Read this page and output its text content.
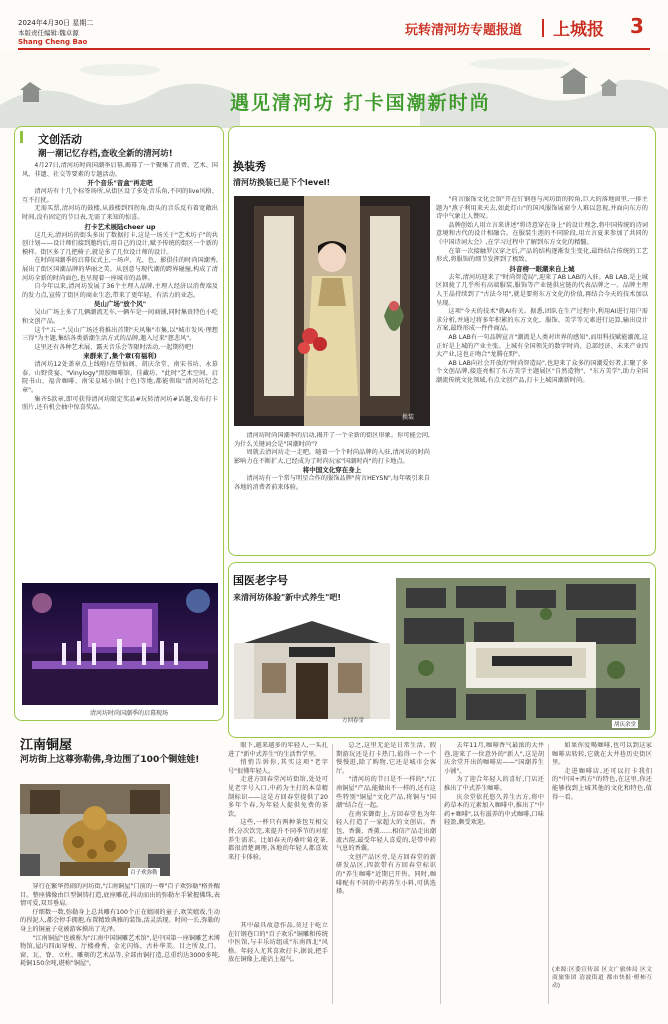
2024年4月30日 星期二
本版责任编辑:魏卓源
Shang Cheng Bao
玩转清河坊专题报道 上城报 3
遇见清河坊 打卡国潮新时尚
文创活动
潮一潮记忆存档,查收全新的清河坊!

4月27日,清河坊时尚国潮季启幕,揭幕了一个聚集了消费、艺术、国风、非遗、社交等要素的专题活动。

开个音乐"音盒"再走吧

清河坊有十几个标签场所,从街区设了多处音乐角,不同的live风格、互不打扰。

无需买票,清河坊的鼓楼,从鼓楼到四拐角,街头的音乐反有着宽敞出时间,没有固定的节目表,无需了来知的惊喜。

打卡艺术展陆cheer up

这几天,清河坊的街头多出了数据打卡,这是一场关于"艺术坊子"的共创计划——设计师们接到邀约后,用自己的设计,赋予传统的街区一个新的模样。街区多了几把椅子,就是多了几位设计师的设计。

在时尚国潮季的启幕仪式上,一场声、光、色、影俱佳的时尚国潮秀,展出了街区国潮品牌的华丽之美。从创意与现代潮的跨界碰撞,构成了清河坊全新的时尚面色,也呈现着一座城市的品牌。

自今年以来,清河坊发展了36个主理人品牌,主理人经济以消费端及的发力点,宣传了街区的商业生态,带来了更年轻、有活力的业态。

吴山广场"放个风"

吴山广场上多了几辆潮流无车,一辆车是一间商铺,同时集贵特色小吃和文创产品。

这个"五一",吴山广场还将推出首期"天风集"市集,以"城市发风·理想三得"为主题,集结各类新潮生活方式的品牌,邀入过来"慈悲风"。

这里还有各种艺术展、露天音乐会等限时活动,一起期待吧!

来群来了,集个章(有福利)

清河坊12处盖章点上线啦!在望仙阁、胡庆余堂、南宋书坊、永慕泰、山野赏宴、"Vinylogy"黑胶咖啡馆、佳藏坊、"此时"艺术空间、启院书山、福含咖啡、南宋皇城小镇(十色)等地,都能领取"清河坊纪念章"。

集齐5款章,即可获得清河坊限定奖品#玩转清河坊#话题,发布打卡照片,还有机会抽中惊喜奖品。

清河坊时尚国潮季的启幕现场
江南铜屋
河坊街上这尊弥勒佛,身边围了100个铜娃娃!
百子欢弥勒

穿行在繁华热闹的河坊街,"江南铜屋"门前的一尊"百子欢弥勒"格外醒目。整座佛像由巨型铜铸打造,底座雕花,抖动而出的弥勒左手紧握佛珠,表情可爱,双耳垂肩。

仔细数一数,弥勒身上总共雕有100个正在嬉闹的童子,欢笑嬉戏,生动的捏泥人,都会停手拥抱,布置精致典雅的装饰,活灵活现。时间一长,弥勒的身上的铜童子竟被游客摸出了光泽。

"江南铜屋"也被称为"江南中国铜雕艺术馆",是中国第一座铜雕艺术博物馆,屋内四面穿梭、厅楼叠秀、金光闪烁、古朴华美。目之所及,门、窗、瓦、脊、立柱、雕刻的艺术品等,全部由铜打造,总重约达3000多吨,耗铜150余吨,堪称"铜屋"。

换装秀
清河坊换装已是下个level!
换装

清河坊时尚国潮季的启动,揭开了一个全新的街区形象。你可能会问,为什么关键词会是"国潮时尚"?

周就去清河坊走一走吧。随着一个个时尚品牌的入驻,清河坊的时尚影响力在不断扩大,已经成为了时尚玩家"国潮时尚"的打卡地点。

将中国文化穿在身上

清河坊有一个常与明星合作的服饰品牌"荷言HEYSN",每年吸引来自各地的消费者前来体验。

"荷言服饰文化会馆"开在钉钢巷与河坊街的转角,巨大的落地窗里,一排主题为"燕子利用来天去,如此灯山"的国风服饰展窗令人难以忽视,并面向东方的诗中气象让人赞叹。

品牌创始人用立言来讲述"将诗意穿在身上"的设计理念,将中国传统的诗词意境和古代的设计相融合。在服装生涯的不同阶段,用立言夏来参加了共同的《中国诗词大会》,在学习过程中了解到东方文化的精髓。

在第一次接触罗汉穿之后,产品的结构逐渐发生变化,最终结合传统的工艺形式,将服饰的细节发挥到了极致。

抖音榜一眼潮来自上城

去年,清河坊迎来了"时尚智造局",迎来了AB LAB的入驻。AB LAB,是上城区回拢了几乎所有高端服装,服饰等产业链供应链的代表品牌之一。品牌主理人王晶持续到了"古法今用",就是要将东方文化的价值,再结合今天的技术加以呈现。

这项"今天的技术"就AI有关。据悉,团队在生产过程中,利用AI进行用户需求分析,并通过将多年积累的东方文化、服饰、美学等元素进行运算,输出设计方案,最终形成一件件商品。

AB LAB有一句品牌宣言"潮流是人类对世界的感知",而用科技赋能潮流,这正好是上城的产业主张。上城有全国领先的数字时尚、总部经济、未来产业四大产业,这也正吻合"龙腾在野"。

AB LAB向社会开放的"时尚智造局",也迎来了众多的国潮爱好者,汇聚了多个文创品牌,接连亮相了东方美学主题展区"自然造物"、"东方美学",助力全国潮流传统文化领域,有点文创产品,打卡上城国潮新时尚。

国医老字号
来清河坊体验"新中式养生"吧!
方回春堂
胡庆余堂

眼下,越来越多的年轻人,一头扎进了"新中式养生"的生活哲学里。

悄悄告诉你,其实这项"老字号"很懂年轻人。

走进方回春堂河坊街馆,处处可见老字号入口,中药为主打的本草精制标识——这是方回春堂提供了20多年个春,为年轻人提供免费的茶饮。

这些,一杯只有两种茶包互相交替,分次饮完,来提升不同季节的对症养生需求。比如春天的桑叶菊花茶,都很清楚调理,各地的年轻人都喜欢来打卡体验。

其中最具故意作品,莫过于屹立在钉钢巷口的"百子欢乐"铜雕和传统中医馆,与丰乐坊组成"东南西北"风格。年轻人尤其喜欢打卡,据说,把手放在铜像上,能沾上福气。

总之,这里无论是日常生活、假期游玩还是打卡热门,值得一个一个慢慢逛,除了购物,它还是城市会客厅。

"清河坊的节日是不一样的","江南铜屋"产品,能做出不一样的,还有这些特别"铜屋"文化产品,将铜与"国潮"结合在一起。

在南宋御街上,方回春堂也为年轻人打造了一家超大的文创店。香包、香囊、香薰……相信产品走出潮流古韵,最受年轻人喜爱的,是带中药气息的香囊。

文创产品区旁,是方回春堂的新研发品区,四款带有方回春堂标识的"养生咖啡"近期已开售。同时,咖啡配有不同的中药养生小料,可供选择。

去年11月,咖啡香气最浓的大井巷,迎来了一位意外的"新人",这是胡庆余堂开出的咖啡店——"国潮养生小铺"。

为了迎合年轻人的喜好,门店还推出了中式养生咖啡。

庆余堂依托悠久养生古方,将中药草本的元素加入咖啡中,推出了"中药+咖啡",以有滋养的中式咖啡,口味轻盈,颇受欢迎。

如果你爱喝咖啡,也可以到这家咖啡店转转,它就在大井巷历史街区里。

走进咖啡店,还可以打卡我们的"中国+西方"的特色,在这里,你还能够找到上城其他的文化和特色,值得一看。

(来源:区委宣传部 区文广旅体局 区文商旅集团 清波街道 都市快报·橙柿互动)
